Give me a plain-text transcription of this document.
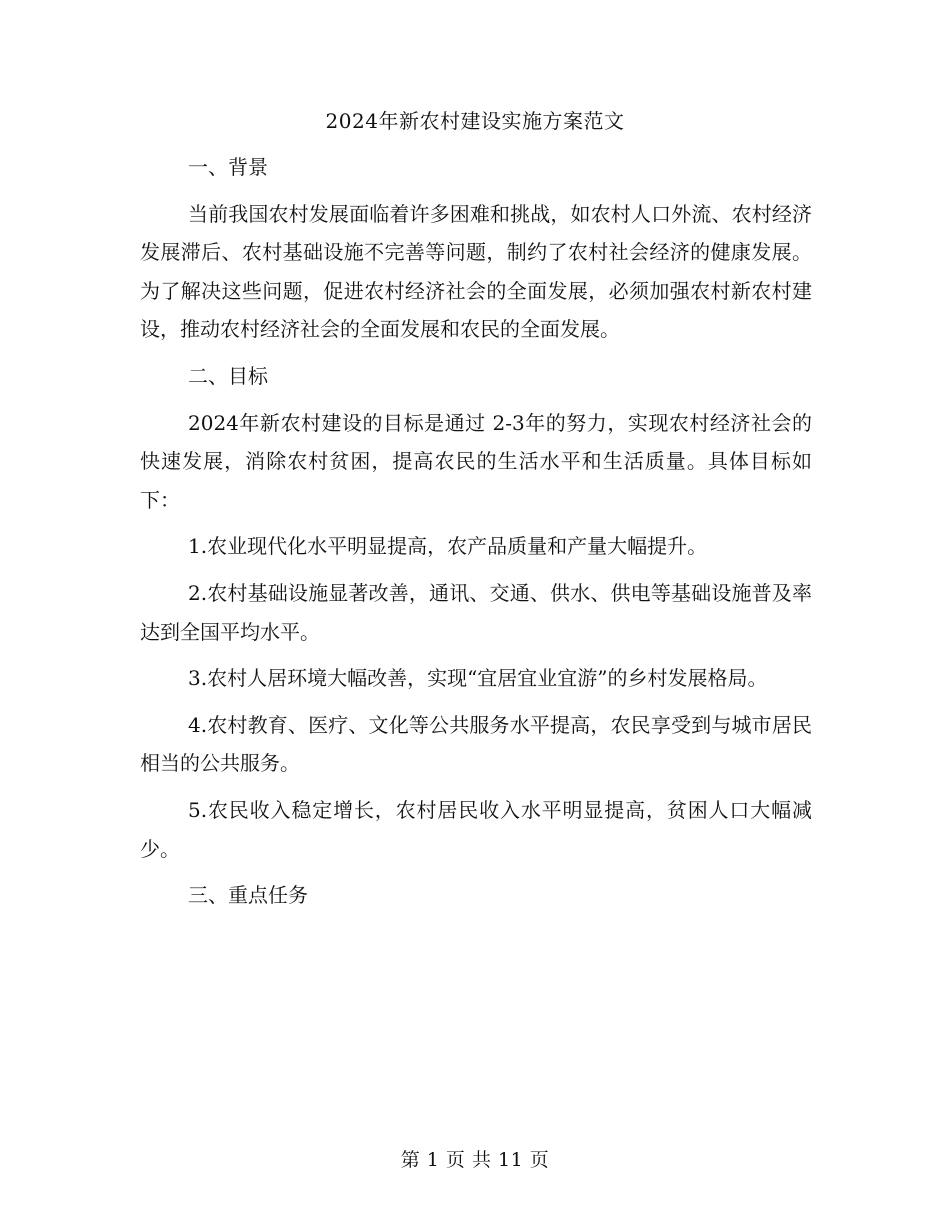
2024年新农村建设实施方案范文

一、背景

当前我国农村发展面临着许多困难和挑战，如农村人口外流、农村经济发展滞后、农村基础设施不完善等问题，制约了农村社会经济的健康发展。为了解决这些问题，促进农村经济社会的全面发展，必须加强农村新农村建设，推动农村经济社会的全面发展和农民的全面发展。

二、目标

2024年新农村建设的目标是通过 2-3年的努力，实现农村经济社会的快速发展，消除农村贫困，提高农民的生活水平和生活质量。具体目标如下：

1.农业现代化水平明显提高，农产品质量和产量大幅提升。

2.农村基础设施显著改善，通讯、交通、供水、供电等基础设施普及率达到全国平均水平。

3.农村人居环境大幅改善，实现“宜居宜业宜游”的乡村发展格局。

4.农村教育、医疗、文化等公共服务水平提高，农民享受到与城市居民相当的公共服务。

5.农民收入稳定增长，农村居民收入水平明显提高，贫困人口大幅减少。

三、重点任务

第 1 页 共 11 页
